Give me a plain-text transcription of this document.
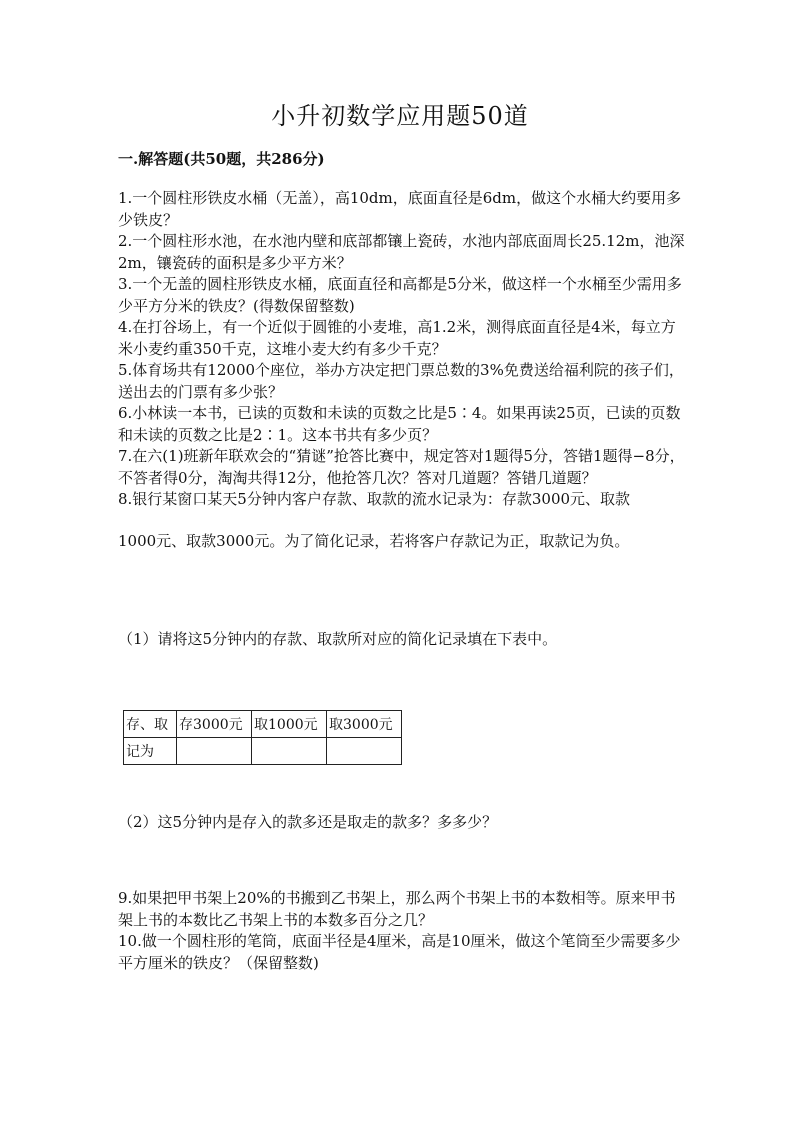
小升初数学应用题50道
一.解答题(共50题，共286分)

1.一个圆柱形铁皮水桶（无盖），高10dm，底面直径是6dm，做这个水桶大约要用多少铁皮？

2.一个圆柱形水池，在水池内壁和底部都镶上瓷砖，水池内部底面周长25.12m，池深2m，镶瓷砖的面积是多少平方米？

3.一个无盖的圆柱形铁皮水桶，底面直径和高都是5分米，做这样一个水桶至少需用多少平方分米的铁皮？(得数保留整数)

4.在打谷场上，有一个近似于圆锥的小麦堆，高1.2米，测得底面直径是4米，每立方米小麦约重350千克，这堆小麦大约有多少千克？

5.体育场共有12000个座位，举办方决定把门票总数的3%免费送给福利院的孩子们，送出去的门票有多少张？

6.小林读一本书，已读的页数和未读的页数之比是5∶4。如果再读25页，已读的页数和未读的页数之比是2∶1。这本书共有多少页？

7.在六(1)班新年联欢会的“猜谜”抢答比赛中，规定答对1题得5分，答错1题得−8分，不答者得0分，淘淘共得12分，他抢答几次？答对几道题？答错几道题？

8.银行某窗口某天5分钟内客户存款、取款的流水记录为：存款3000元、取款

1000元、取款3000元。为了简化记录，若将客户存款记为正，取款记为负。

（1）请将这5分钟内的存款、取款所对应的简化记录填在下表中。
存、取	存3000元	取1000元	取3000元
记为			
（2）这5分钟内是存入的款多还是取走的款多？多多少？

9.如果把甲书架上20%的书搬到乙书架上，那么两个书架上书的本数相等。原来甲书架上书的本数比乙书架上书的本数多百分之几？

10.做一个圆柱形的笔筒，底面半径是4厘米，高是10厘米，做这个笔筒至少需要多少平方厘米的铁皮？（保留整数)
